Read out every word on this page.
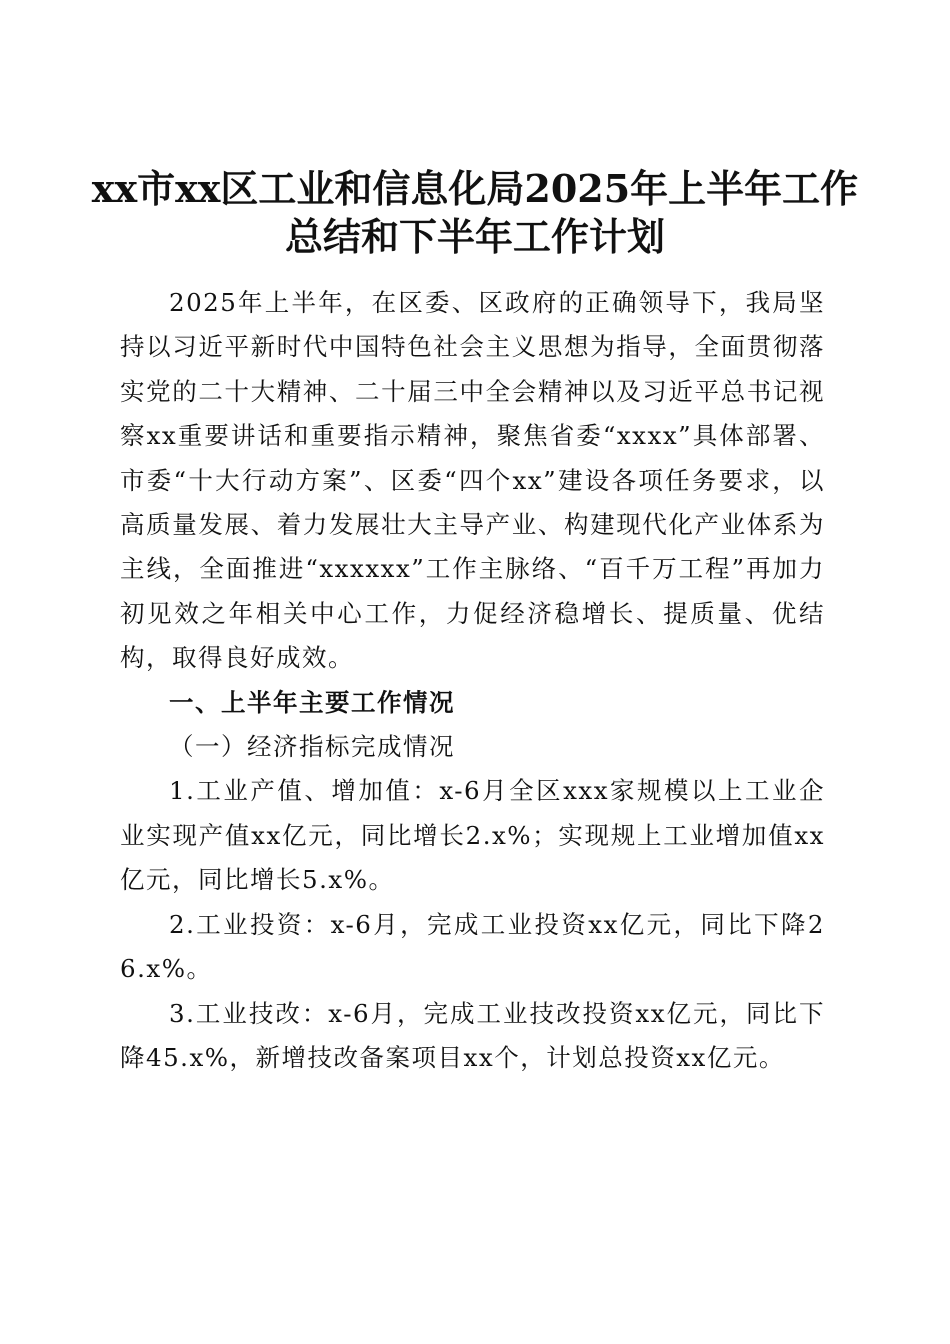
xx市xx区工业和信息化局2025年上半年工作
总结和下半年工作计划

2025年上半年，在区委、区政府的正确领导下，我局坚持以习近平新时代中国特色社会主义思想为指导，全面贯彻落实党的二十大精神、二十届三中全会精神以及习近平总书记视察xx重要讲话和重要指示精神，聚焦省委“xxxx”具体部署、市委“十大行动方案”、区委“四个xx”建设各项任务要求，以高质量发展、着力发展壮大主导产业、构建现代化产业体系为主线，全面推进“xxxxxx”工作主脉络、“百千万工程”再加力初见效之年相关中心工作，力促经济稳增长、提质量、优结构，取得良好成效。

一、上半年主要工作情况

（一）经济指标完成情况

1.工业产值、增加值：x-6月全区xxx家规模以上工业企业实现产值xx亿元，同比增长2.x%；实现规上工业增加值xx亿元，同比增长5.x%。

2.工业投资：x-6月，完成工业投资xx亿元，同比下降26.x%。

3.工业技改：x-6月，完成工业技改投资xx亿元，同比下降45.x%，新增技改备案项目xx个，计划总投资xx亿元。
